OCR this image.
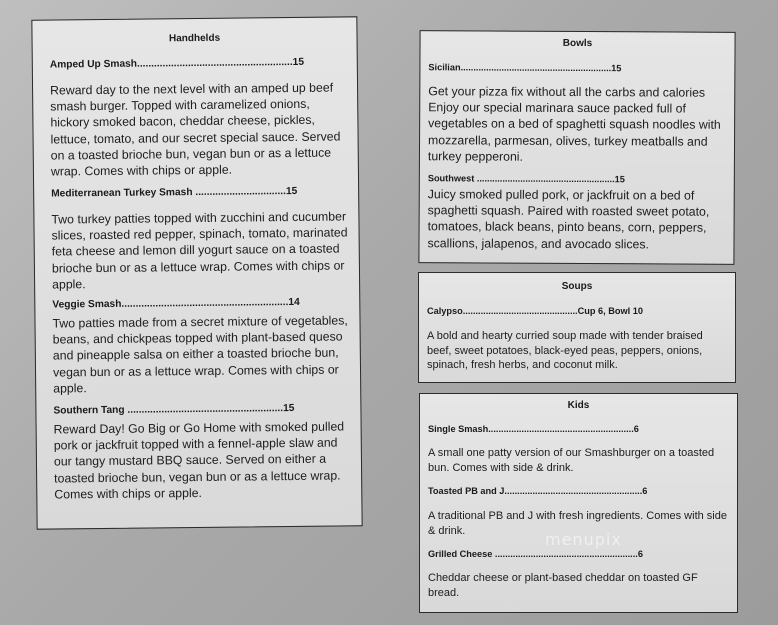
Handhelds
Amped Up Smash.......................................................15
Reward day to the next level with an amped up beef smash burger. Topped with caramelized onions, hickory smoked bacon, cheddar cheese, pickles, lettuce, tomato, and our secret special sauce. Served on a toasted brioche bun, vegan bun or as a lettuce wrap. Comes with chips or apple.
Mediterranean Turkey Smash ................................15
Two turkey patties topped with zucchini and cucumber slices, roasted red pepper, spinach, tomato, marinated feta cheese and lemon dill yogurt sauce on a toasted brioche bun or as a lettuce wrap. Comes with chips or apple.
Veggie Smash...........................................................14
Two patties made from a secret mixture of vegetables, beans, and chickpeas topped with plant-based queso and pineapple salsa on either a toasted brioche bun, vegan bun or as a lettuce wrap. Comes with chips or apple.
Southern Tang .......................................................15
Reward Day! Go Big or Go Home with smoked pulled pork or jackfruit topped with a fennel-apple slaw and our tangy mustard BBQ sauce. Served on either a toasted brioche bun, vegan bun or as a lettuce wrap. Comes with chips or apple.
Bowls
Sicilian...........................................................15
Get your pizza fix without all the carbs and calories Enjoy our special marinara sauce packed full of vegetables on a bed of spaghetti squash noodles with mozzarella, parmesan, olives, turkey meatballs and turkey pepperoni.
Southwest ......................................................15
Juicy smoked pulled pork, or jackfruit on a bed of spaghetti squash. Paired with roasted sweet potato, tomatoes, black beans, pinto beans, corn, peppers, scallions, jalapenos, and avocado slices.
Soups
Calypso.............................................Cup 6, Bowl 10
A bold and hearty curried soup made with tender braised beef, sweet potatoes, black-eyed peas, peppers, onions, spinach, fresh herbs, and coconut milk.
Kids
Single Smash.........................................................6
A small one patty version of our Smashburger on a toasted bun. Comes with side & drink.
Toasted PB and J......................................................6
A traditional PB and J with fresh ingredients. Comes with side & drink.
Grilled Cheese ........................................................6
Cheddar cheese or plant-based cheddar on toasted GF bread.
menupix
